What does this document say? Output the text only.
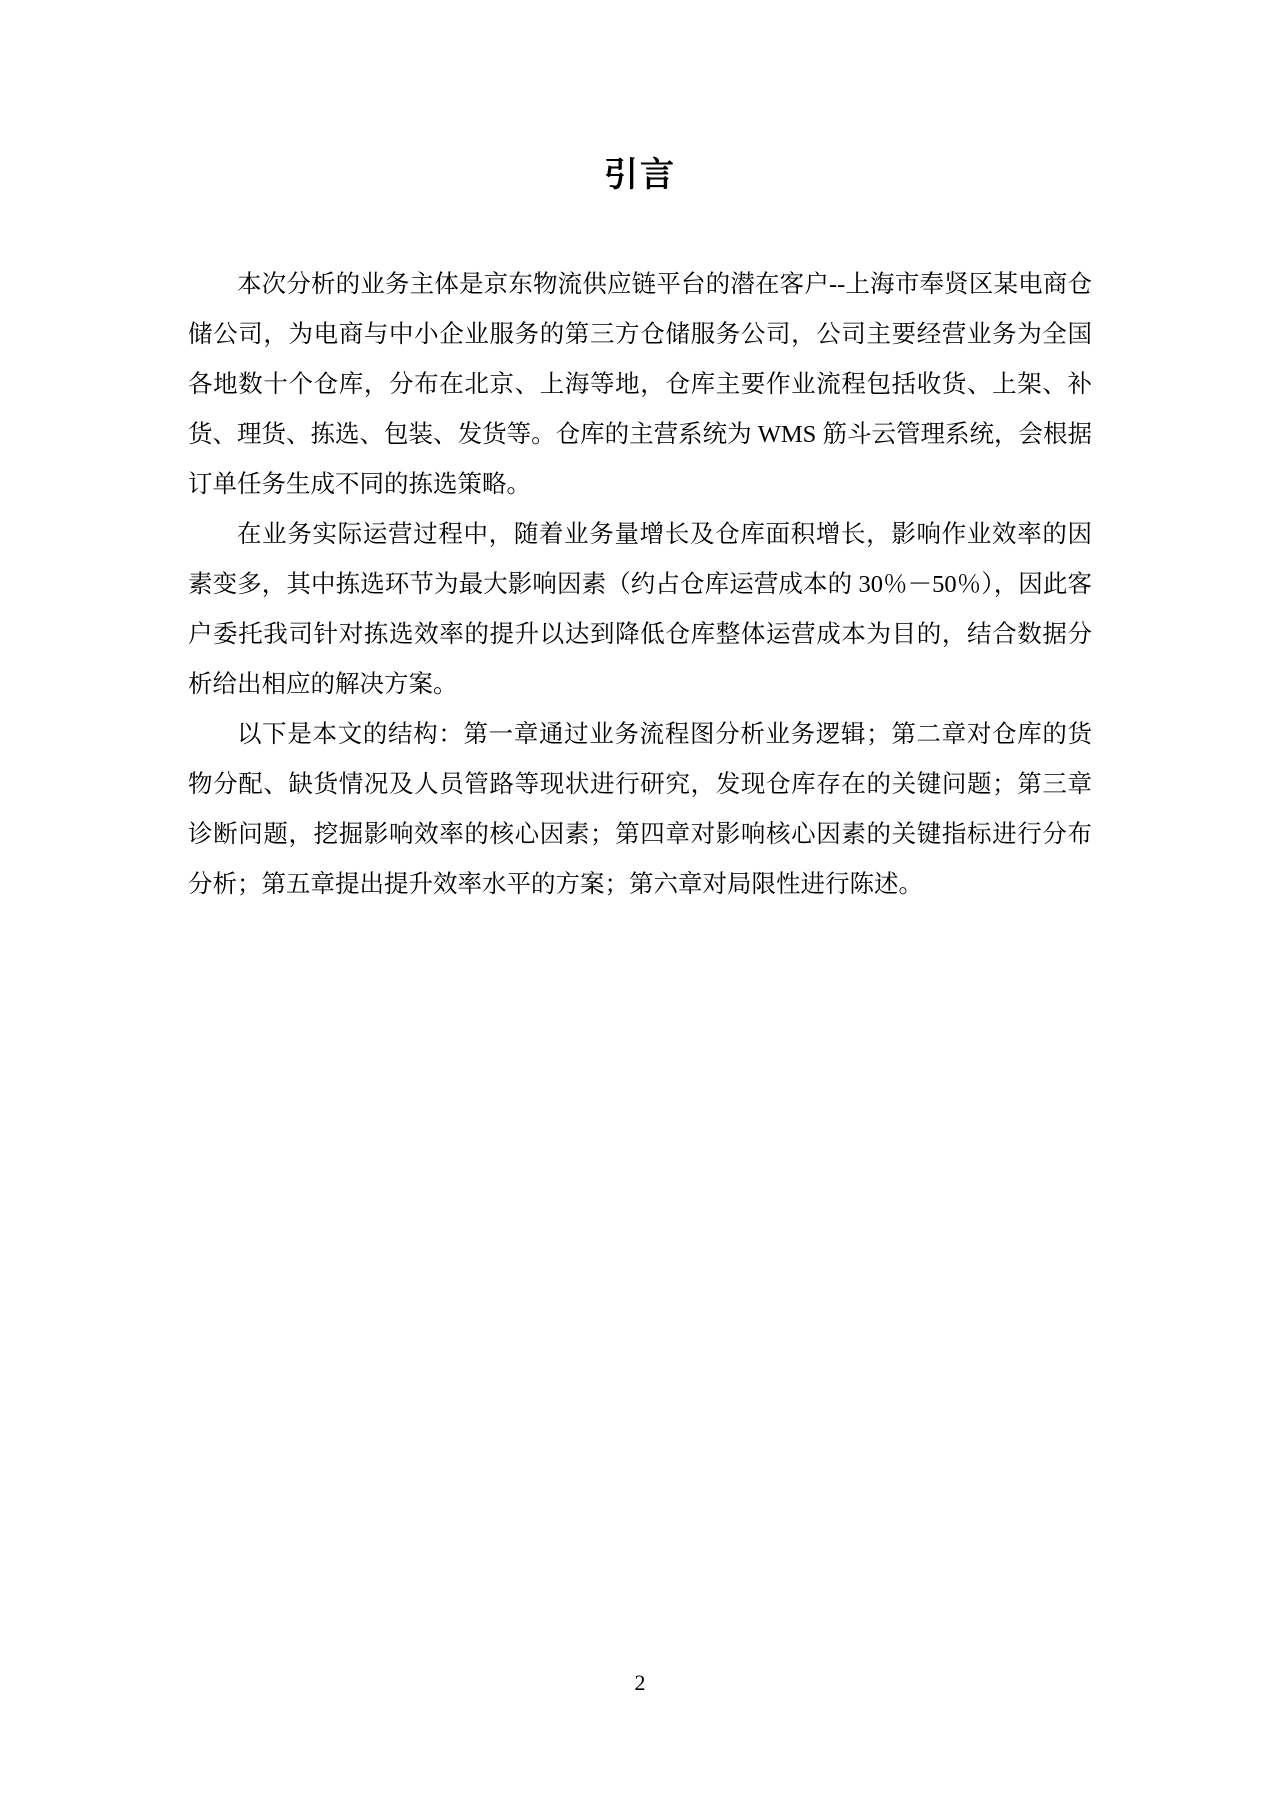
引言

本次分析的业务主体是京东物流供应链平台的潜在客户--上海市奉贤区某电商仓储公司，为电商与中小企业服务的第三方仓储服务公司，公司主要经营业务为全国各地数十个仓库，分布在北京、上海等地，仓库主要作业流程包括收货、上架、补货、理货、拣选、包装、发货等。仓库的主营系统为 WMS 筋斗云管理系统，会根据订单任务生成不同的拣选策略。

在业务实际运营过程中，随着业务量增长及仓库面积增长，影响作业效率的因素变多，其中拣选环节为最大影响因素（约占仓库运营成本的 30％－50％），因此客户委托我司针对拣选效率的提升以达到降低仓库整体运营成本为目的，结合数据分析给出相应的解决方案。

以下是本文的结构：第一章通过业务流程图分析业务逻辑；第二章对仓库的货物分配、缺货情况及人员管路等现状进行研究，发现仓库存在的关键问题；第三章诊断问题，挖掘影响效率的核心因素；第四章对影响核心因素的关键指标进行分布分析；第五章提出提升效率水平的方案；第六章对局限性进行陈述。

2
